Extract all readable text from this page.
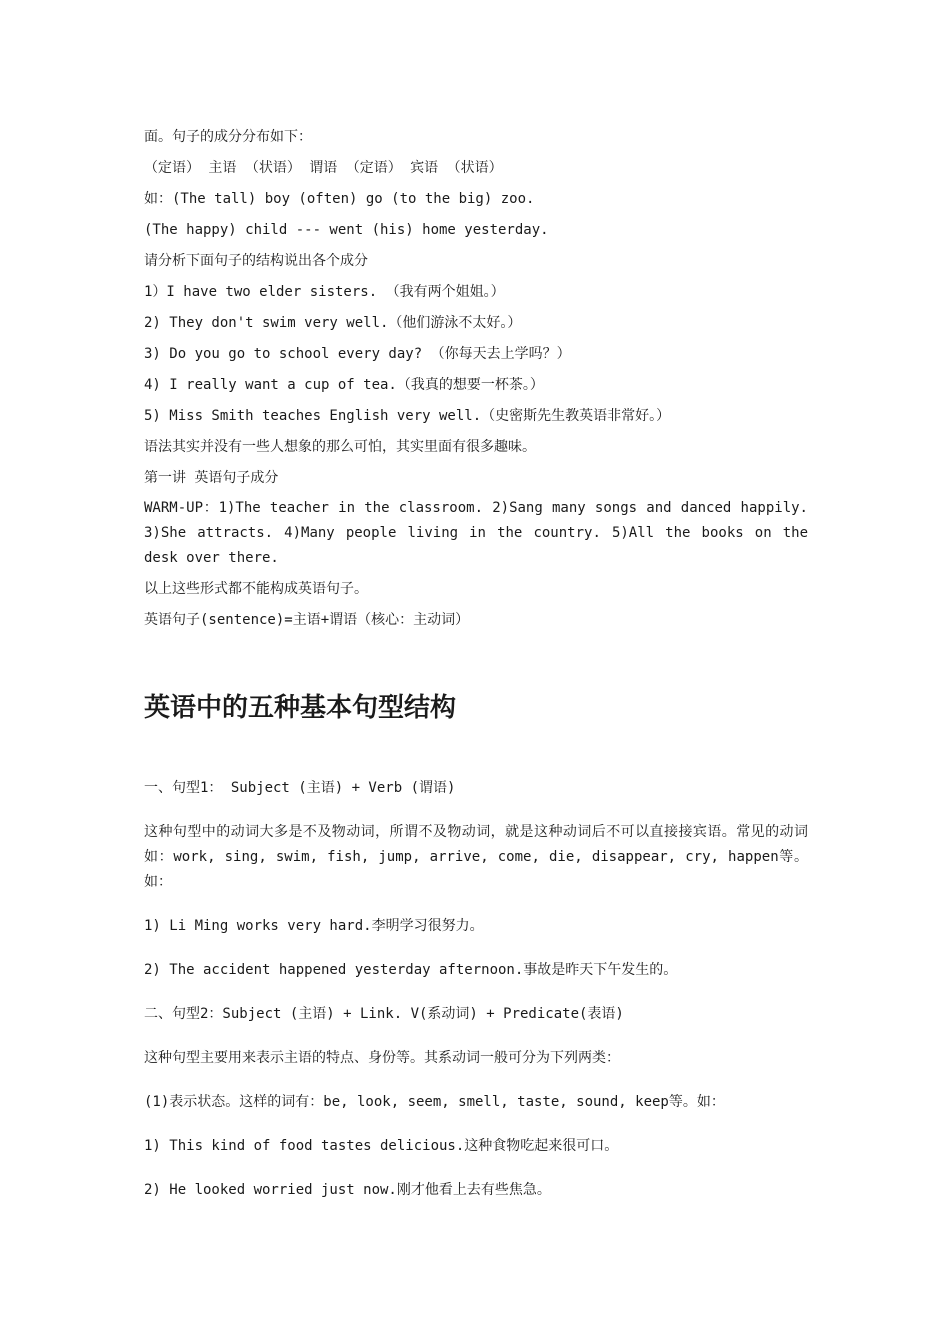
面。句子的成分分布如下：

（定语） 主语 （状语） 谓语 （定语） 宾语 （状语）

如：(The tall) boy (often) go (to the big) zoo.

(The happy) child --- went (his) home yesterday.

请分析下面句子的结构说出各个成分

1）I have two elder sisters. （我有两个姐姐。）

2) They don't swim very well.（他们游泳不太好。）

3) Do you go to school every day? （你每天去上学吗？）

4) I really want a cup of tea.（我真的想要一杯茶。）

5) Miss Smith teaches English very well.（史密斯先生教英语非常好。）

语法其实并没有一些人想象的那么可怕，其实里面有很多趣味。

第一讲 英语句子成分

WARM-UP：1)The teacher in the classroom. 2)Sang many songs and danced happily. 3)She attracts. 4)Many people living in the country. 5)All the books on the desk over there.

以上这些形式都不能构成英语句子。

英语句子(sentence)=主语+谓语（核心：主动词）

英语中的五种基本句型结构

一、句型1： Subject (主语) + Verb (谓语)

这种句型中的动词大多是不及物动词，所谓不及物动词，就是这种动词后不可以直接接宾语。常见的动词如：work, sing, swim, fish, jump, arrive, come, die, disappear, cry, happen等。如：

1) Li Ming works very hard.李明学习很努力。

2) The accident happened yesterday afternoon.事故是昨天下午发生的。

二、句型2：Subject (主语) + Link. V(系动词) + Predicate(表语)

这种句型主要用来表示主语的特点、身份等。其系动词一般可分为下列两类：

(1)表示状态。这样的词有：be, look, seem, smell, taste, sound, keep等。如：

1) This kind of food tastes delicious.这种食物吃起来很可口。

2) He looked worried just now.刚才他看上去有些焦急。
